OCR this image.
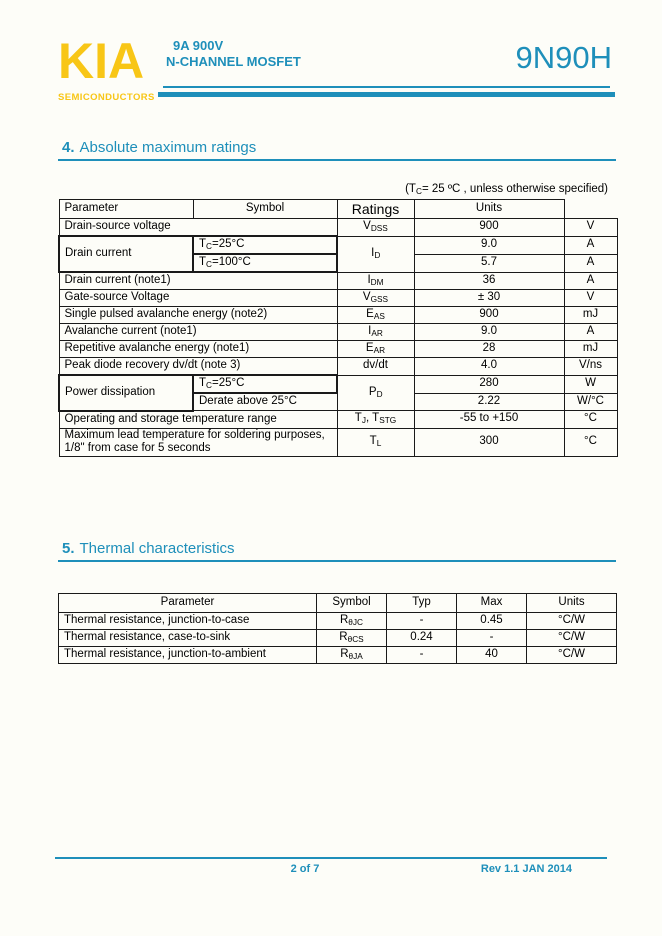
KIA
SEMICONDUCTORS
9A 900V
N-CHANNEL MOSFET	9N90H
4. Absolute maximum ratings
($T_C= 25$ ºC , unless otherwise specified)
Parameter	Symbol	Ratings	Units	
Drain-source voltage		$V_{DSS}$	900	V
Drain current	$T_C=25^\circ C$	$I_D$	9.0	A
	$T_C=100^\circ C$		5.7	A
Drain current (note1)		$I_{DM}$	36	A
Gate-source Voltage		$V_{GSS}$	± 30	V
Single pulsed avalanche energy (note2)		$E_{AS}$	900	mJ
Avalanche current (note1)		$I_{AR}$	9.0	A
Repetitive avalanche energy (note1)		$E_{AR}$	28	mJ
Peak diode recovery dv/dt (note 3)		dv/dt	4.0	V/ns
Power dissipation	$T_C=25^\circ C$	$P_D$	280	W
	Derate above 25°C		2.22	W/°C
Operating and storage temperature range		$T_J$, $T_{STG}$	-55 to +150	°C
Maximum lead temperature for soldering purposes, 1/8" from case for 5 seconds		$T_L$	300	°C
5. Thermal characteristics
Parameter	Symbol	Typ	Max	Units
Thermal resistance, junction-to-case	$R_{\theta JC}$	-	0.45	°C/W
Thermal resistance, case-to-sink	$R_{\theta CS}$	0.24	-	°C/W
Thermal resistance, junction-to-ambient	$R_{\theta JA}$	-	40	°C/W
2 of 7	Rev 1.1 JAN 2014
